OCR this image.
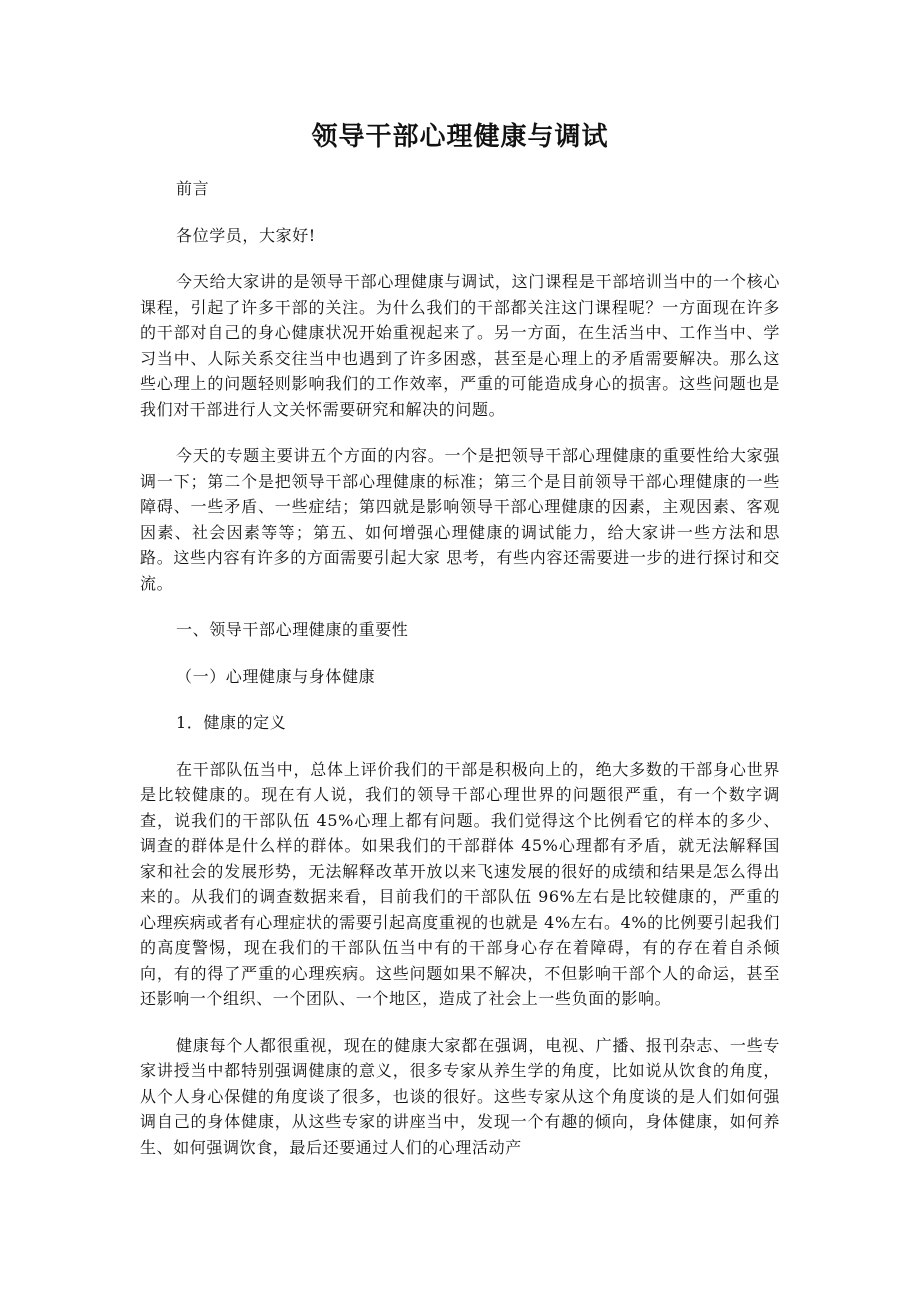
领导干部心理健康与调试

前言

各位学员，大家好!

今天给大家讲的是领导干部心理健康与调试，这门课程是干部培训当中的一个核心课程，引起了许多干部的关注。为什么我们的干部都关注这门课程呢？一方面现在许多的干部对自己的身心健康状况开始重视起来了。另一方面，在生活当中、工作当中、学习当中、人际关系交往当中也遇到了许多困惑，甚至是心理上的矛盾需要解决。那么这些心理上的问题轻则影响我们的工作效率，严重的可能造成身心的损害。这些问题也是我们对干部进行人文关怀需要研究和解决的问题。

今天的专题主要讲五个方面的内容。一个是把领导干部心理健康的重要性给大家强调一下；第二个是把领导干部心理健康的标准；第三个是目前领导干部心理健康的一些障碍、一些矛盾、一些症结；第四就是影响领导干部心理健康的因素，主观因素、客观因素、社会因素等等；第五、如何增强心理健康的调试能力，给大家讲一些方法和思路。这些内容有许多的方面需要引起大家 思考，有些内容还需要进一步的进行探讨和交流。

一、领导干部心理健康的重要性

（一）心理健康与身体健康

1．健康的定义

在干部队伍当中，总体上评价我们的干部是积极向上的，绝大多数的干部身心世界是比较健康的。现在有人说，我们的领导干部心理世界的问题很严重，有一个数字调查，说我们的干部队伍 45%心理上都有问题。我们觉得这个比例看它的样本的多少、调查的群体是什么样的群体。如果我们的干部群体 45%心理都有矛盾，就无法解释国家和社会的发展形势，无法解释改革开放以来飞速发展的很好的成绩和结果是怎么得出来的。从我们的调查数据来看，目前我们的干部队伍 96%左右是比较健康的，严重的心理疾病或者有心理症状的需要引起高度重视的也就是 4%左右。4%的比例要引起我们的高度警惕，现在我们的干部队伍当中有的干部身心存在着障碍，有的存在着自杀倾向，有的得了严重的心理疾病。这些问题如果不解决，不但影响干部个人的命运，甚至还影响一个组织、一个团队、一个地区，造成了社会上一些负面的影响。

健康每个人都很重视，现在的健康大家都在强调，电视、广播、报刊杂志、一些专家讲授当中都特别强调健康的意义，很多专家从养生学的角度，比如说从饮食的角度，从个人身心保健的角度谈了很多，也谈的很好。这些专家从这个角度谈的是人们如何强调自己的身体健康，从这些专家的讲座当中，发现一个有趣的倾向，身体健康，如何养生、如何强调饮食，最后还要通过人们的心理活动产
